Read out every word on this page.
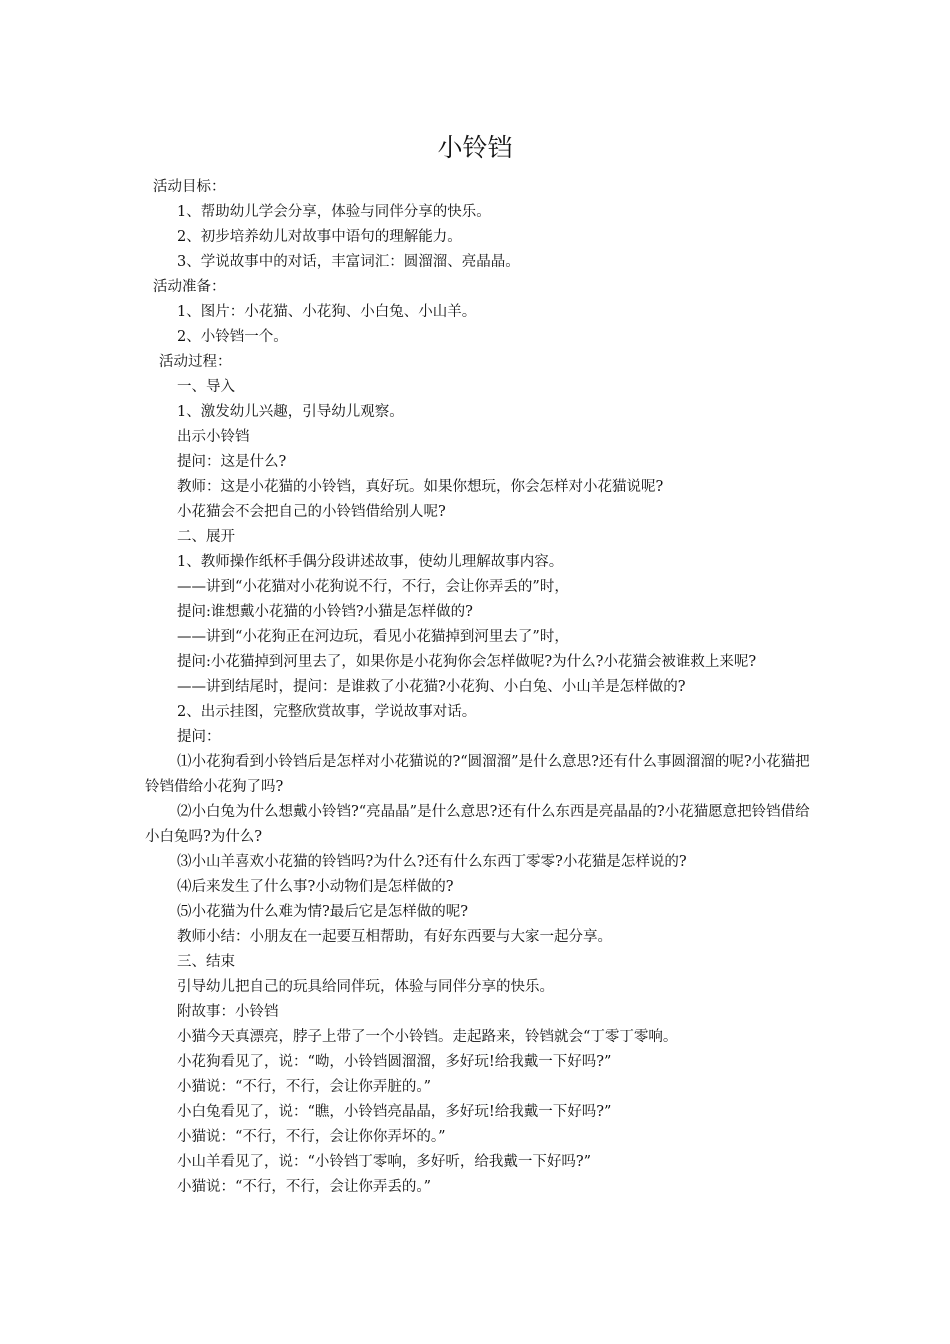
小铃铛

活动目标：

1、帮助幼儿学会分享，体验与同伴分享的快乐。

2、初步培养幼儿对故事中语句的理解能力。

3、学说故事中的对话，丰富词汇：圆溜溜、亮晶晶。

活动准备：

1、图片：小花猫、小花狗、小白兔、小山羊。

2、小铃铛一个。

活动过程：

一、导入

1、激发幼儿兴趣，引导幼儿观察。

出示小铃铛

提问：这是什么?

教师：这是小花猫的小铃铛，真好玩。如果你想玩，你会怎样对小花猫说呢?

小花猫会不会把自己的小铃铛借给别人呢?

二、展开

1、教师操作纸杯手偶分段讲述故事，使幼儿理解故事内容。

——讲到“小花猫对小花狗说不行，不行，会让你弄丢的”时，

提问:谁想戴小花猫的小铃铛?小猫是怎样做的?

——讲到“小花狗正在河边玩，看见小花猫掉到河里去了”时，

提问:小花猫掉到河里去了，如果你是小花狗你会怎样做呢?为什么?小花猫会被谁救上来呢?

——讲到结尾时，提问：是谁救了小花猫?小花狗、小白兔、小山羊是怎样做的?

2、出示挂图，完整欣赏故事，学说故事对话。

提问：

⑴小花狗看到小铃铛后是怎样对小花猫说的?“圆溜溜”是什么意思?还有什么事圆溜溜的呢?小花猫把铃铛借给小花狗了吗?

⑵小白兔为什么想戴小铃铛?“亮晶晶”是什么意思?还有什么东西是亮晶晶的?小花猫愿意把铃铛借给小白兔吗?为什么?

⑶小山羊喜欢小花猫的铃铛吗?为什么?还有什么东西丁零零?小花猫是怎样说的?

⑷后来发生了什么事?小动物们是怎样做的?

⑸小花猫为什么难为情?最后它是怎样做的呢?

教师小结：小朋友在一起要互相帮助，有好东西要与大家一起分享。

三、结束

引导幼儿把自己的玩具给同伴玩，体验与同伴分享的快乐。

附故事：小铃铛

小猫今天真漂亮，脖子上带了一个小铃铛。走起路来，铃铛就会“丁零丁零响。

小花狗看见了，说：“呦，小铃铛圆溜溜，多好玩!给我戴一下好吗?”

小猫说：“不行，不行，会让你弄脏的。”

小白兔看见了，说：“瞧，小铃铛亮晶晶，多好玩!给我戴一下好吗?”

小猫说：“不行，不行，会让你你弄坏的。”

小山羊看见了，说：“小铃铛丁零响，多好听，给我戴一下好吗?”

小猫说：“不行，不行，会让你弄丢的。”
